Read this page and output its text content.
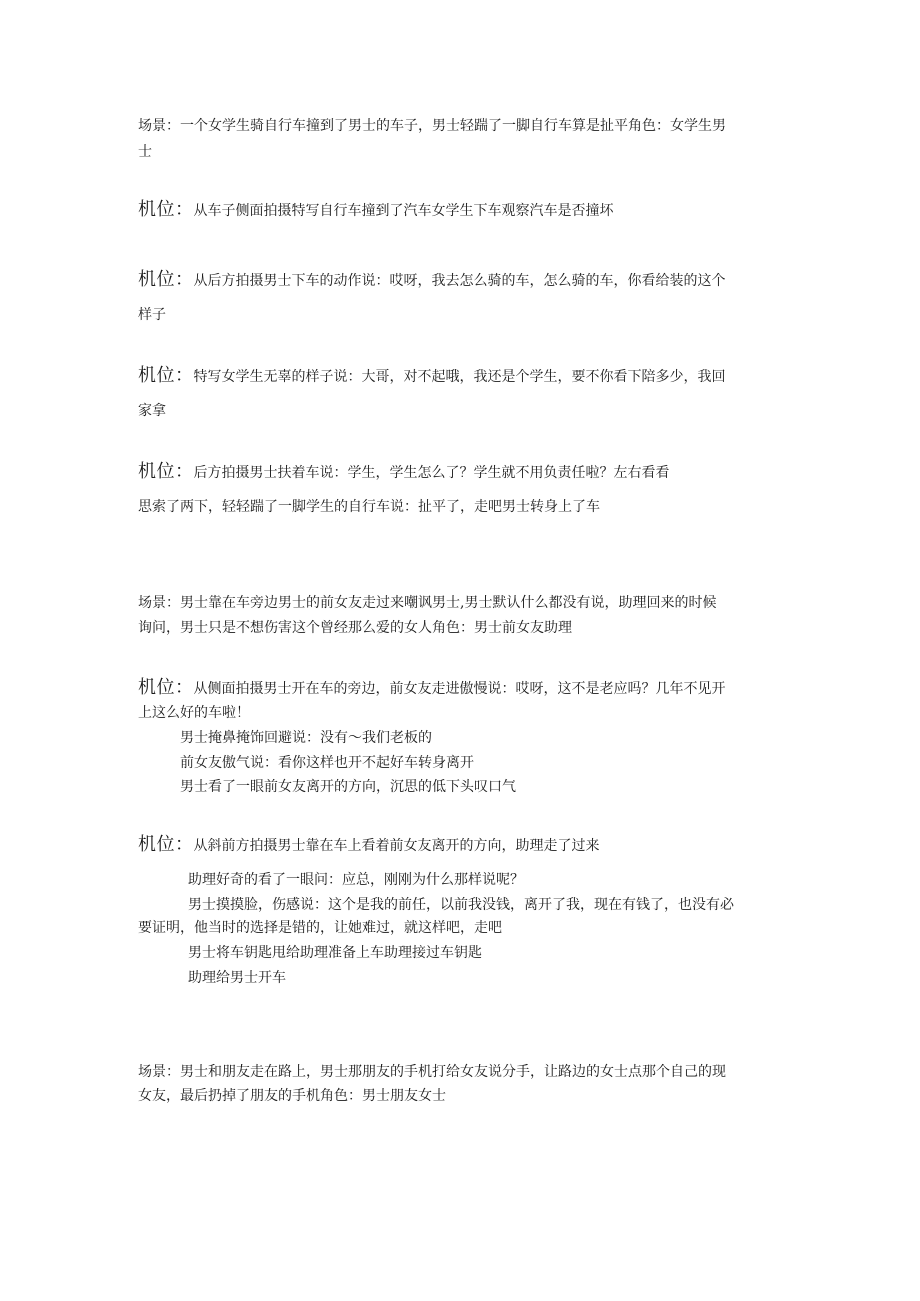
场景：一个女学生骑自行车撞到了男士的车子，男士轻踹了一脚自行车算是扯平角色：女学生男
士
机位：从车子侧面拍摄特写自行车撞到了汽车女学生下车观察汽车是否撞坏
机位：从后方拍摄男士下车的动作说：哎呀，我去怎么骑的车，怎么骑的车，你看给装的这个
样子
机位：特写女学生无辜的样子说：大哥，对不起哦，我还是个学生，要不你看下陪多少，我回
家拿
机位：后方拍摄男士扶着车说：学生，学生怎么了？学生就不用负责任啦？左右看看
思索了两下，轻轻踹了一脚学生的自行车说：扯平了，走吧男士转身上了车
场景：男士靠在车旁边男士的前女友走过来嘲讽男士,男士默认什么都没有说，助理回来的时候
询问，男士只是不想伤害这个曾经那么爱的女人角色：男士前女友助理
机位：从侧面拍摄男士开在车的旁边，前女友走进傲慢说：哎呀，这不是老应吗？几年不见开
上这么好的车啦！
男士掩鼻掩饰回避说：没有～我们老板的
前女友傲气说：看你这样也开不起好车转身离开
男士看了一眼前女友离开的方向，沉思的低下头叹口气
机位：从斜前方拍摄男士靠在车上看着前女友离开的方向，助理走了过来
助理好奇的看了一眼问：应总，刚刚为什么那样说呢？
男士摸摸脸，伤感说：这个是我的前任，以前我没钱，离开了我，现在有钱了，也没有必
要证明，他当时的选择是错的，让她难过，就这样吧，走吧
男士将车钥匙甩给助理准备上车助理接过车钥匙
助理给男士开车
场景：男士和朋友走在路上，男士那朋友的手机打给女友说分手，让路边的女士点那个自己的现
女友，最后扔掉了朋友的手机角色：男士朋友女士
